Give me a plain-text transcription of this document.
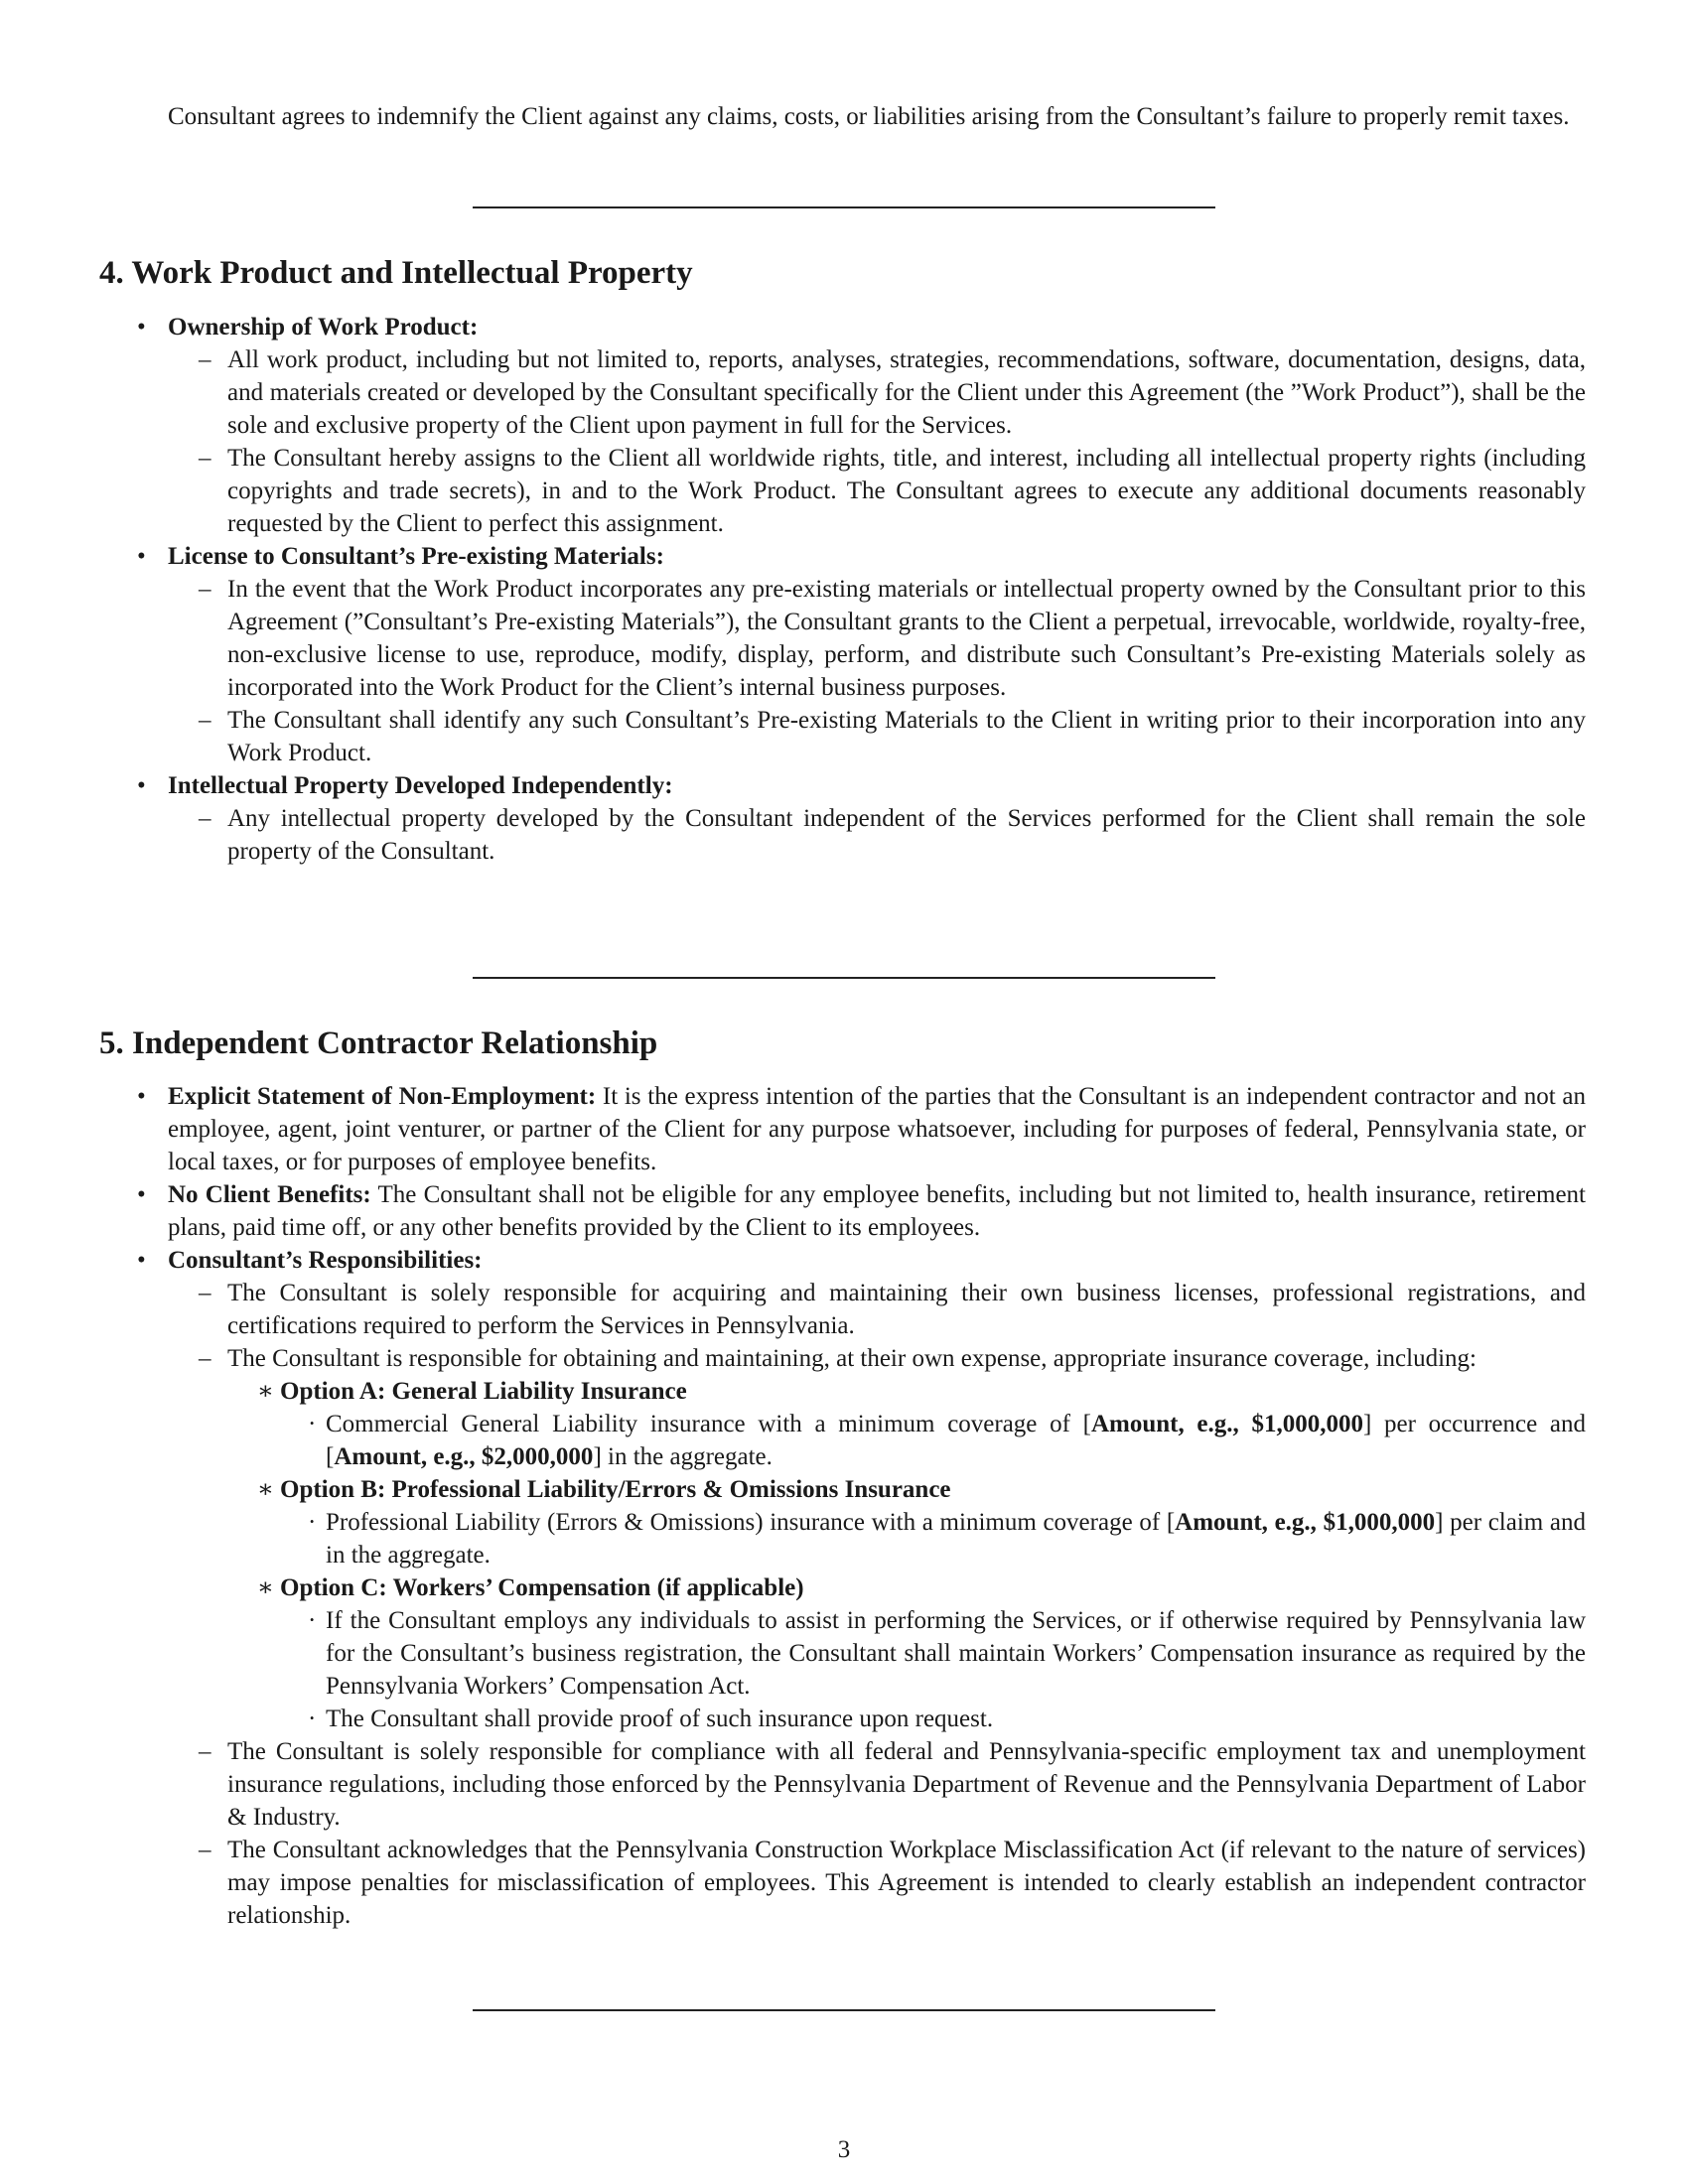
Consultant agrees to indemnify the Client against any claims, costs, or liabilities arising from the Consultant’s failure to properly remit taxes.

4. Work Product and Intellectual Property
• Ownership of Work Product:
– All work product, including but not limited to, reports, analyses, strategies, recommendations, software, documentation, designs, data, and materials created or developed by the Consultant specifically for the Client under this Agreement (the ”Work Product”), shall be the sole and exclusive property of the Client upon payment in full for the Services.
– The Consultant hereby assigns to the Client all worldwide rights, title, and interest, including all intellectual property rights (including copyrights and trade secrets), in and to the Work Product. The Consultant agrees to execute any additional documents reasonably requested by the Client to perfect this assignment.
• License to Consultant’s Pre-existing Materials:
– In the event that the Work Product incorporates any pre-existing materials or intellectual property owned by the Consultant prior to this Agreement (”Consultant’s Pre-existing Materials”), the Consultant grants to the Client a perpetual, irrevocable, worldwide, royalty-free, non-exclusive license to use, reproduce, modify, display, perform, and distribute such Consultant’s Pre-existing Materials solely as incorporated into the Work Product for the Client’s internal business purposes.
– The Consultant shall identify any such Consultant’s Pre-existing Materials to the Client in writing prior to their incorporation into any Work Product.
• Intellectual Property Developed Independently:
– Any intellectual property developed by the Consultant independent of the Services performed for the Client shall remain the sole property of the Consultant.
5. Independent Contractor Relationship
• Explicit Statement of Non-Employment: It is the express intention of the parties that the Consultant is an independent contractor and not an employee, agent, joint venturer, or partner of the Client for any purpose whatsoever, including for purposes of federal, Pennsylvania state, or local taxes, or for purposes of employee benefits.
• No Client Benefits: The Consultant shall not be eligible for any employee benefits, including but not limited to, health insurance, retirement plans, paid time off, or any other benefits provided by the Client to its employees.
• Consultant’s Responsibilities:
– The Consultant is solely responsible for acquiring and maintaining their own business licenses, professional registrations, and certifications required to perform the Services in Pennsylvania.
– The Consultant is responsible for obtaining and maintaining, at their own expense, appropriate insurance coverage, including:
∗ Option A: General Liability Insurance
· Commercial General Liability insurance with a minimum coverage of [Amount, e.g., $1,000,000] per occurrence and [Amount, e.g., $2,000,000] in the aggregate.
∗ Option B: Professional Liability/Errors & Omissions Insurance
· Professional Liability (Errors & Omissions) insurance with a minimum coverage of [Amount, e.g., $1,000,000] per claim and in the aggregate.
∗ Option C: Workers’ Compensation (if applicable)
· If the Consultant employs any individuals to assist in performing the Services, or if otherwise required by Pennsylvania law for the Consultant’s business registration, the Consultant shall maintain Workers’ Compensation insurance as required by the Pennsylvania Workers’ Compensation Act.
· The Consultant shall provide proof of such insurance upon request.
– The Consultant is solely responsible for compliance with all federal and Pennsylvania-specific employment tax and unemployment insurance regulations, including those enforced by the Pennsylvania Department of Revenue and the Pennsylvania Department of Labor & Industry.
– The Consultant acknowledges that the Pennsylvania Construction Workplace Misclassification Act (if relevant to the nature of services) may impose penalties for misclassification of employees. This Agreement is intended to clearly establish an independent contractor relationship.
3
